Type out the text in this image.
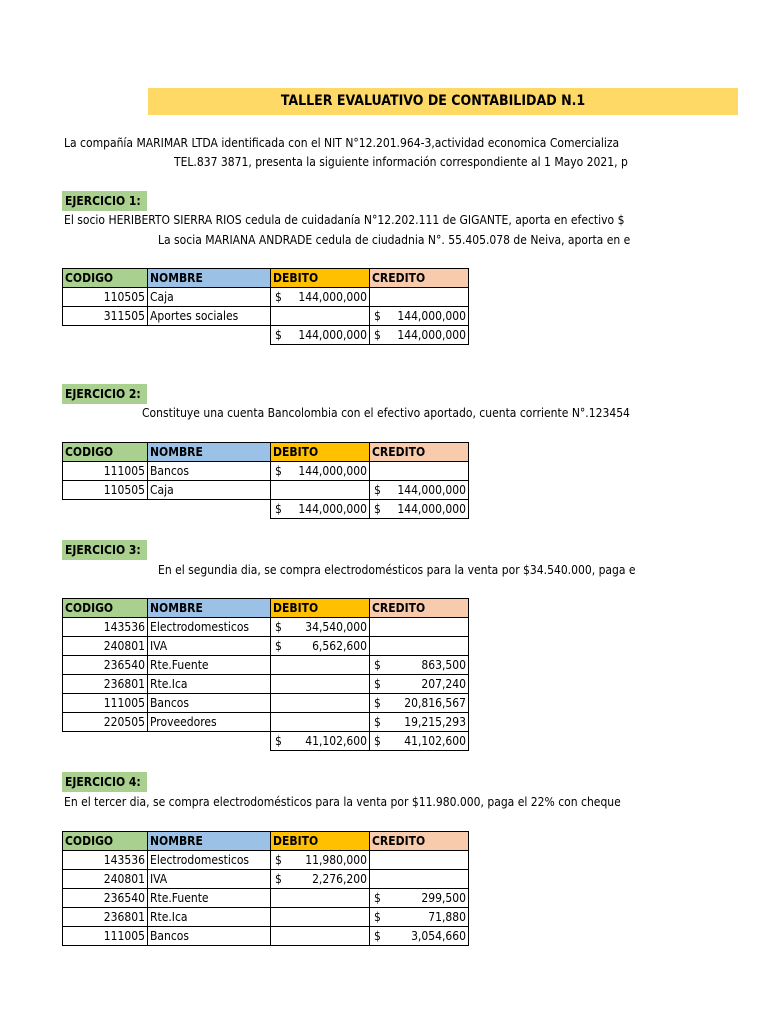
TALLER EVALUATIVO DE CONTABILIDAD N.1
La compañía MARIMAR LTDA identificada con el NIT N°12.201.964-3,actividad economica Comercializa
TEL.837 3871, presenta la siguiente información correspondiente al 1 Mayo 2021, p
EJERCICIO 1:
El socio HERIBERTO SIERRA RIOS cedula de cuidadanía N°12.202.111 de GIGANTE, aporta en efectivo $
La socia MARIANA ANDRADE cedula de ciudadnia N°. 55.405.078 de Neiva, aporta en e
CODIGO	NOMBRE	DEBITO	CREDITO
110505	Caja	$ 144,000,000	

311505	Aportes sociales		$ 144,000,000

		$ 144,000,000	$ 144,000,000
EJERCICIO 2:
Constituye una cuenta Bancolombia con el efectivo aportado, cuenta corriente N°.123454
CODIGO	NOMBRE	DEBITO	CREDITO
111005	Bancos	$ 144,000,000	

110505	Caja		$ 144,000,000

		$ 144,000,000	$ 144,000,000
EJERCICIO 3:
En el segundia dia, se compra electrodomésticos para la venta por $34.540.000, paga e
CODIGO	NOMBRE	DEBITO	CREDITO
143536	Electrodomesticos	$ 34,540,000	

240801	IVA	$ 6,562,600	

236540	Rte.Fuente		$ 863,500

236801	Rte.Ica		$ 207,240

111005	Bancos		$ 20,816,567

220505	Proveedores		$ 19,215,293

		$ 41,102,600	$ 41,102,600
EJERCICIO 4:
En el tercer dia, se compra electrodomésticos para la venta por $11.980.000, paga el 22% con cheque
CODIGO	NOMBRE	DEBITO	CREDITO
143536	Electrodomesticos	$ 11,980,000	

240801	IVA	$ 2,276,200	

236540	Rte.Fuente		$ 299,500

236801	Rte.Ica		$ 71,880

111005	Bancos		$ 3,054,660
